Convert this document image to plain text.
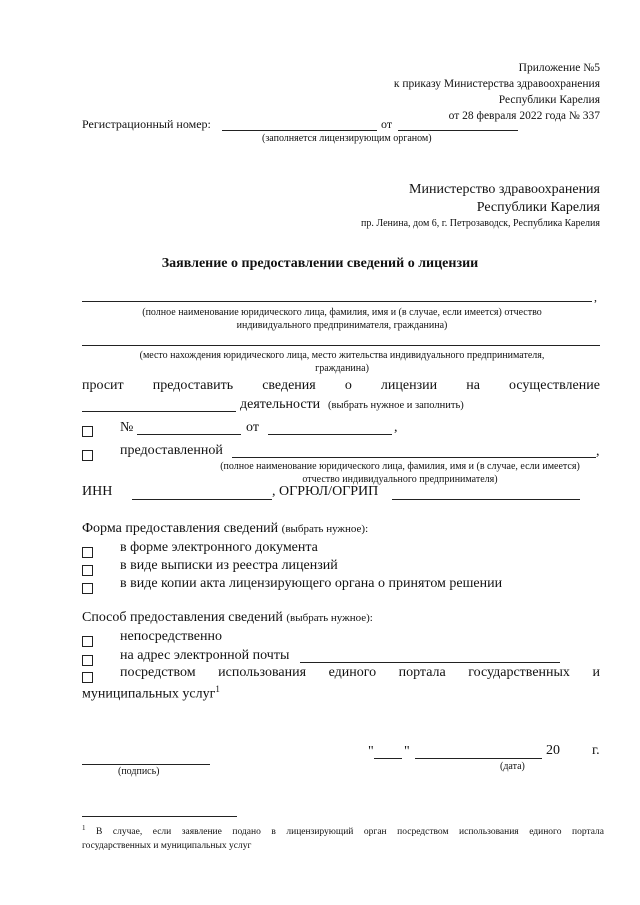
Приложение №5
к приказу Министерства здравоохранения
Республики Карелия
от 28 февраля 2022 года № 337
Регистрационный номер:	от
(заполняется лицензирующим органом)
Министерство здравоохранения
Республики Карелия
пр. Ленина, дом 6, г. Петрозаводск, Республика Карелия
Заявление о предоставлении сведений о лицензии
,
(полное наименование юридического лица, фамилия, имя и (в случае, если имеется) отчество
индивидуального предпринимателя, гражданина)
(место нахождения юридического лица, место жительства индивидуального предпринимателя,
гражданина)
просит предоставить сведения о лицензии на осуществление
деятельности (выбрать нужное и заполнить)
№	от	,
предоставленной	,
(полное наименование юридического лица, фамилия, имя и (в случае, если имеется)
отчество индивидуального предпринимателя)
ИНН	, ОГРЮЛ/ОГРИП
Форма предоставления сведений (выбрать нужное):
в форме электронного документа
в виде выписки из реестра лицензий
в виде копии акта лицензирующего органа о принятом решении
Способ предоставления сведений (выбрать нужное):
непосредственно
на адрес электронной почты
посредством использования единого портала государственных и
муниципальных услуг$^1$
(подпись)
" "	20 г.
(дата)
$^1$ В случае, если заявление подано в лицензирующий орган посредством использования единого портала
государственных и муниципальных услуг
